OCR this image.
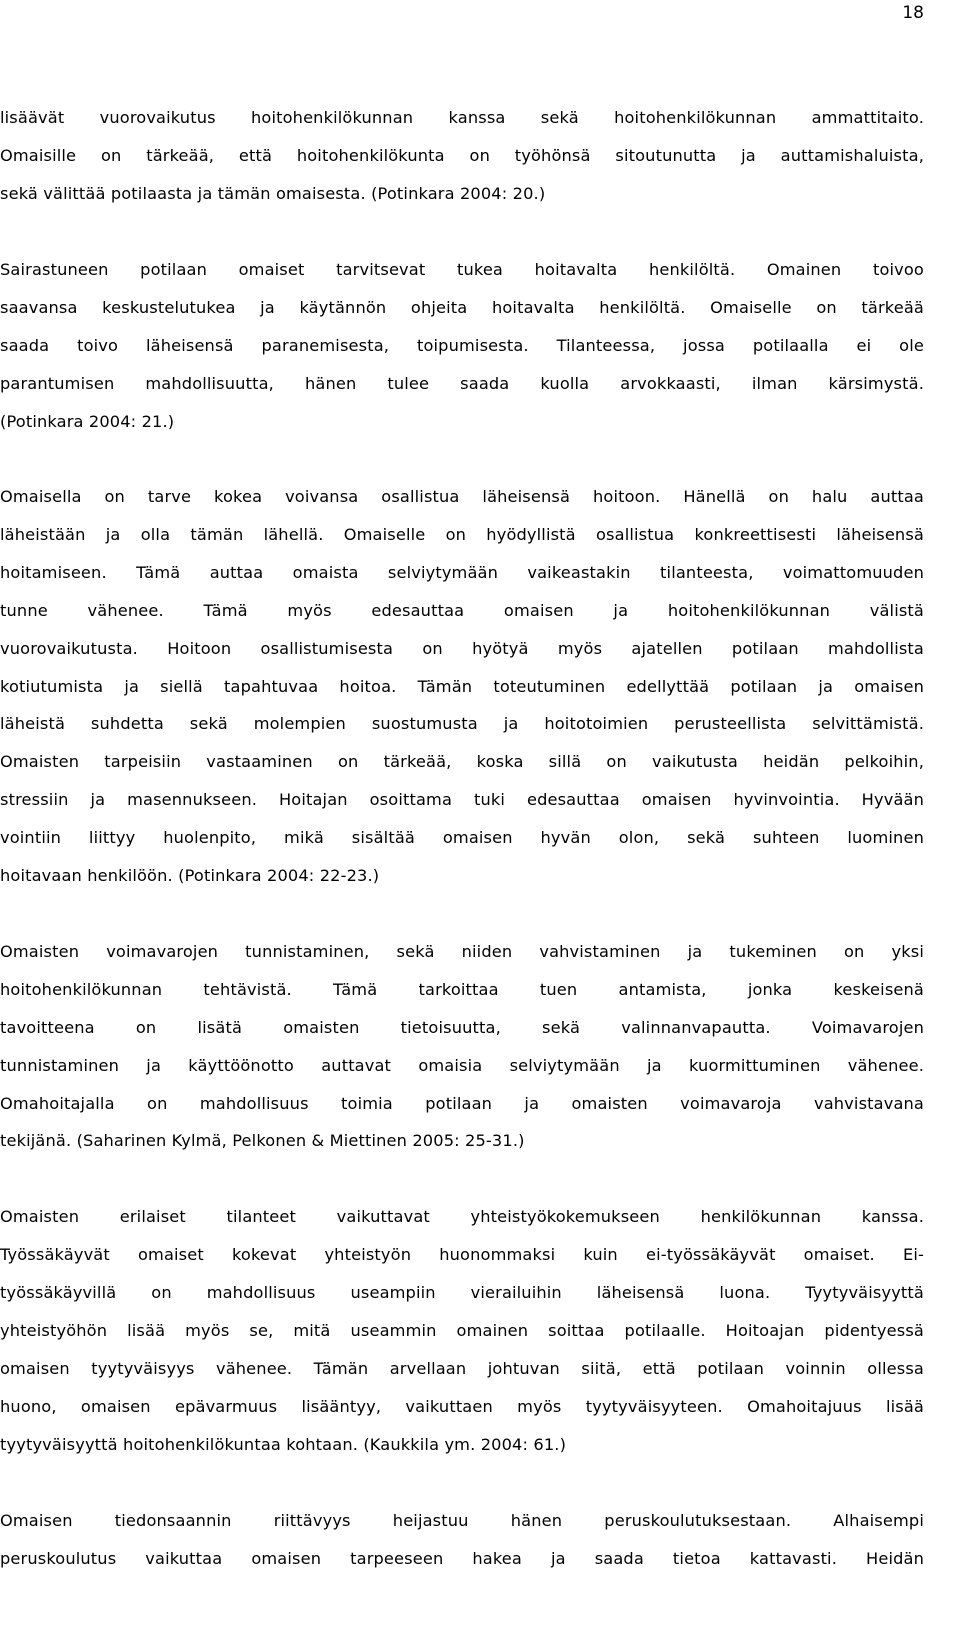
18
lisäävät vuorovaikutus hoitohenkilökunnan kanssa sekä hoitohenkilökunnan ammattitaito.
Omaisille on tärkeää, että hoitohenkilökunta on työhönsä sitoutunutta ja auttamishaluista,
sekä välittää potilaasta ja tämän omaisesta. (Potinkara 2004: 20.)
Sairastuneen potilaan omaiset tarvitsevat tukea hoitavalta henkilöltä. Omainen toivoo
saavansa keskustelutukea ja käytännön ohjeita hoitavalta henkilöltä. Omaiselle on tärkeää
saada toivo läheisensä paranemisesta, toipumisesta. Tilanteessa, jossa potilaalla ei ole
parantumisen mahdollisuutta, hänen tulee saada kuolla arvokkaasti, ilman kärsimystä.
(Potinkara 2004: 21.)
Omaisella on tarve kokea voivansa osallistua läheisensä hoitoon. Hänellä on halu auttaa
läheistään ja olla tämän lähellä. Omaiselle on hyödyllistä osallistua konkreettisesti läheisensä
hoitamiseen. Tämä auttaa omaista selviytymään vaikeastakin tilanteesta, voimattomuuden
tunne vähenee. Tämä myös edesauttaa omaisen ja hoitohenkilökunnan välistä
vuorovaikutusta. Hoitoon osallistumisesta on hyötyä myös ajatellen potilaan mahdollista
kotiutumista ja siellä tapahtuvaa hoitoa. Tämän toteutuminen edellyttää potilaan ja omaisen
läheistä suhdetta sekä molempien suostumusta ja hoitotoimien perusteellista selvittämistä.
Omaisten tarpeisiin vastaaminen on tärkeää, koska sillä on vaikutusta heidän pelkoihin,
stressiin ja masennukseen. Hoitajan osoittama tuki edesauttaa omaisen hyvinvointia. Hyvään
vointiin liittyy huolenpito, mikä sisältää omaisen hyvän olon, sekä suhteen luominen
hoitavaan henkilöön. (Potinkara 2004: 22-23.)
Omaisten voimavarojen tunnistaminen, sekä niiden vahvistaminen ja tukeminen on yksi
hoitohenkilökunnan tehtävistä. Tämä tarkoittaa tuen antamista, jonka keskeisenä
tavoitteena on lisätä omaisten tietoisuutta, sekä valinnanvapautta. Voimavarojen
tunnistaminen ja käyttöönotto auttavat omaisia selviytymään ja kuormittuminen vähenee.
Omahoitajalla on mahdollisuus toimia potilaan ja omaisten voimavaroja vahvistavana
tekijänä. (Saharinen Kylmä, Pelkonen & Miettinen 2005: 25-31.)
Omaisten erilaiset tilanteet vaikuttavat yhteistyökokemukseen henkilökunnan kanssa.
Työssäkäyvät omaiset kokevat yhteistyön huonommaksi kuin ei-työssäkäyvät omaiset. Ei-
työssäkäyvillä on mahdollisuus useampiin vierailuihin läheisensä luona. Tyytyväisyyttä
yhteistyöhön lisää myös se, mitä useammin omainen soittaa potilaalle. Hoitoajan pidentyessä
omaisen tyytyväisyys vähenee. Tämän arvellaan johtuvan siitä, että potilaan voinnin ollessa
huono, omaisen epävarmuus lisääntyy, vaikuttaen myös tyytyväisyyteen. Omahoitajuus lisää
tyytyväisyyttä hoitohenkilökuntaa kohtaan. (Kaukkila ym. 2004: 61.)
Omaisen tiedonsaannin riittävyys heijastuu hänen peruskoulutuksestaan. Alhaisempi
peruskoulutus vaikuttaa omaisen tarpeeseen hakea ja saada tietoa kattavasti. Heidän
